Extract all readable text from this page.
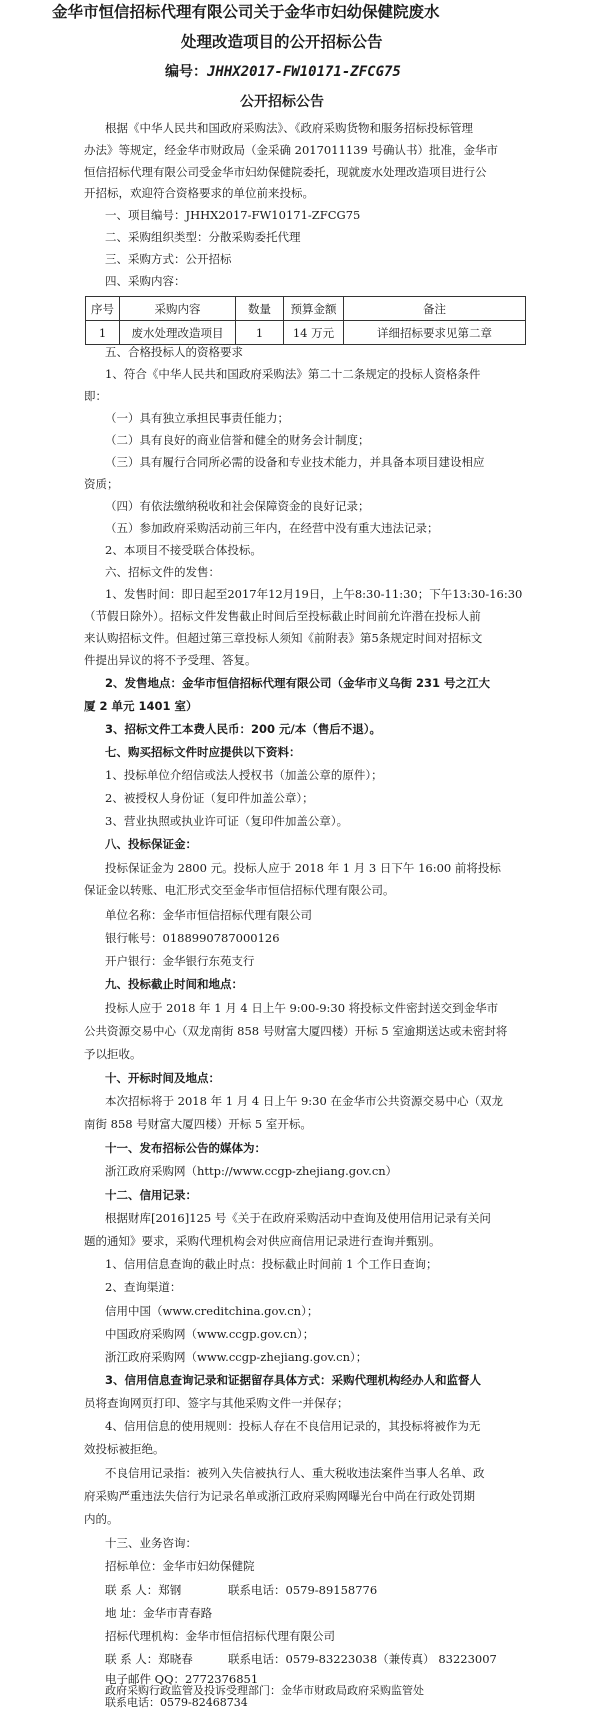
金华市恒信招标代理有限公司关于金华市妇幼保健院废水
处理改造项目的公开招标公告
编号：JHHX2017-FW10171-ZFCG75
公开招标公告
根据《中华人民共和国政府采购法》、《政府采购货物和服务招标投标管理
办法》等规定，经金华市财政局（金采确 2017011139 号确认书）批准，金华市
恒信招标代理有限公司受金华市妇幼保健院委托，现就废水处理改造项目进行公
开招标，欢迎符合资格要求的单位前来投标。
一、项目编号：JHHX2017-FW10171-ZFCG75
二、采购组织类型：分散采购委托代理
三、采购方式：公开招标
四、采购内容：
序号	采购内容	数量	预算金额	备注
1	废水处理改造项目	1	14 万元	详细招标要求见第二章
五、合格投标人的资格要求
1、符合《中华人民共和国政府采购法》第二十二条规定的投标人资格条件
即：
（一）具有独立承担民事责任能力；
（二）具有良好的商业信誉和健全的财务会计制度；
（三）具有履行合同所必需的设备和专业技术能力，并具备本项目建设相应
资质；
（四）有依法缴纳税收和社会保障资金的良好记录；
（五）参加政府采购活动前三年内，在经营中没有重大违法记录；
2、本项目不接受联合体投标。
六、招标文件的发售：
1、发售时间：即日起至2017年12月19日，上午8:30-11:30；下午13:30-16:30
（节假日除外）。招标文件发售截止时间后至投标截止时间前允许潜在投标人前
来认购招标文件。但超过第三章投标人须知《前附表》第5条规定时间对招标文
件提出异议的将不予受理、答复。
2、发售地点：金华市恒信招标代理有限公司（金华市义乌街 231 号之江大
厦 2 单元 1401 室）
3、招标文件工本费人民币：200 元/本（售后不退）。
七、购买招标文件时应提供以下资料：
1、投标单位介绍信或法人授权书（加盖公章的原件）；
2、被授权人身份证（复印件加盖公章）；
3、营业执照或执业许可证（复印件加盖公章）。
八、投标保证金：
投标保证金为 2800 元。投标人应于 2018 年 1 月 3 日下午 16:00 前将投标
保证金以转账、电汇形式交至金华市恒信招标代理有限公司。
单位名称：金华市恒信招标代理有限公司
银行帐号：0188990787000126
开户银行：金华银行东苑支行
九、投标截止时间和地点：
投标人应于 2018 年 1 月 4 日上午 9:00-9:30 将投标文件密封送交到金华市
公共资源交易中心（双龙南街 858 号财富大厦四楼）开标 5 室逾期送达或未密封将
予以拒收。
十、开标时间及地点：
本次招标将于 2018 年 1 月 4 日上午 9:30 在金华市公共资源交易中心（双龙
南街 858 号财富大厦四楼）开标 5 室开标。
十一、发布招标公告的媒体为：
浙江政府采购网（http://www.ccgp-zhejiang.gov.cn）
十二、信用记录：
根据财库[2016]125 号《关于在政府采购活动中查询及使用信用记录有关问
题的通知》要求，采购代理机构会对供应商信用记录进行查询并甄别。
1、信用信息查询的截止时点：投标截止时间前 1 个工作日查询；
2、查询渠道：
信用中国（www.creditchina.gov.cn）；
中国政府采购网（www.ccgp.gov.cn）；
浙江政府采购网（www.ccgp-zhejiang.gov.cn）；
3、信用信息查询记录和证据留存具体方式：采购代理机构经办人和监督人
员将查询网页打印、签字与其他采购文件一并保存；
4、信用信息的使用规则：投标人存在不良信用记录的，其投标将被作为无
效投标被拒绝。
不良信用记录指：被列入失信被执行人、重大税收违法案件当事人名单、政
府采购严重违法失信行为记录名单或浙江政府采购网曝光台中尚在行政处罚期
内的。
十三、业务咨询：
招标单位：金华市妇幼保健院
联 系 人：郑钢	联系电话：0579-89158776
地 址：金华市青春路
招标代理机构：金华市恒信招标代理有限公司
联 系 人：郑晓春	联系电话：0579-83223038（兼传真） 83223007
电子邮件 QQ：2772376851
政府采购行政监管及投诉受理部门：金华市财政局政府采购监管处
联系电话：0579-82468734
